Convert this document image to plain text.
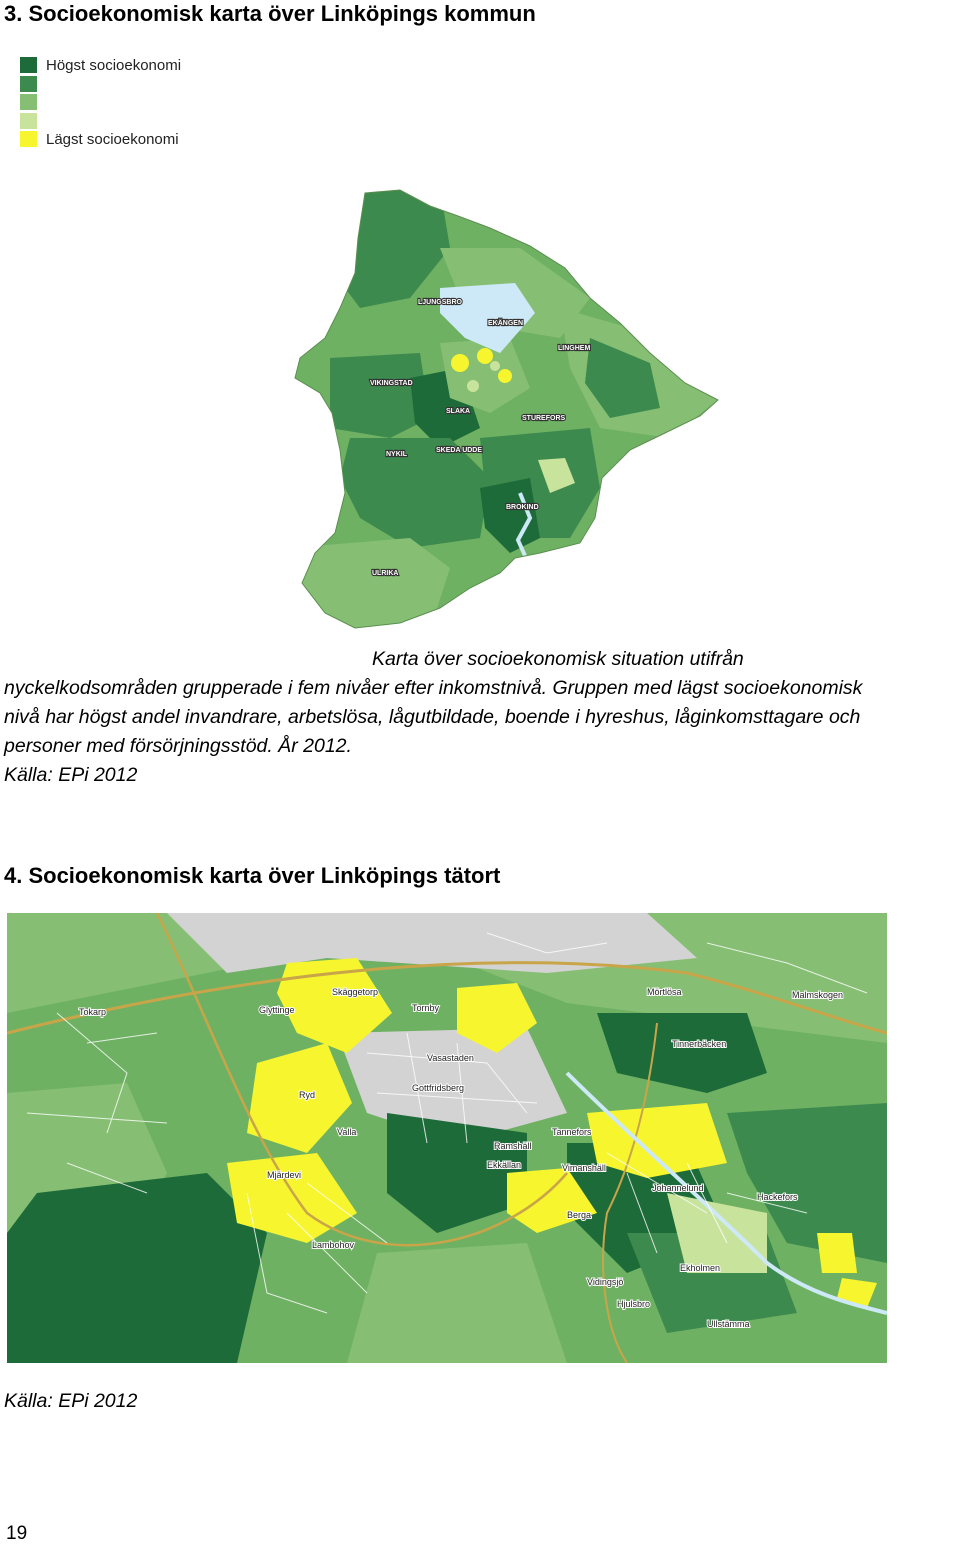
3. Socioekonomisk karta över Linköpings kommun
Högst socioekonomi
Lägst socioekonomi
LJUNGSBRO
EKÄNGEN
LINGHEM
VIKINGSTAD
SLAKA
STUREFORS
NYKIL
SKEDA UDDE
BROKIND
ULRIKA

Karta över socioekonomisk situation utifrån

nyckelkodsområden grupperade i fem nivåer efter inkomstnivå. Gruppen med lägst socioekonomisk

nivå har högst andel invandrare, arbetslösa, lågutbildade, boende i hyreshus, låginkomsttagare och

personer med försörjningsstöd. År 2012.

Källa: EPi 2012

4. Socioekonomisk karta över Linköpings tätort
Tokarp
Skäggetorp
Tornby
Glyttinge
Mörtlösa	Malmskogen
Tinnerbäcken
Vasastaden
Gottfridsberg
Ryd
Tannefors
Valla
Ramshäll
Mjärdevi
Ekkällan	Vimanshäll
Johannelund
Hackefors
Berga
Lambohov
Ekholmen
Vidingsjö
Hjulsbro
Ullstämma
Källa: EPi 2012
19
